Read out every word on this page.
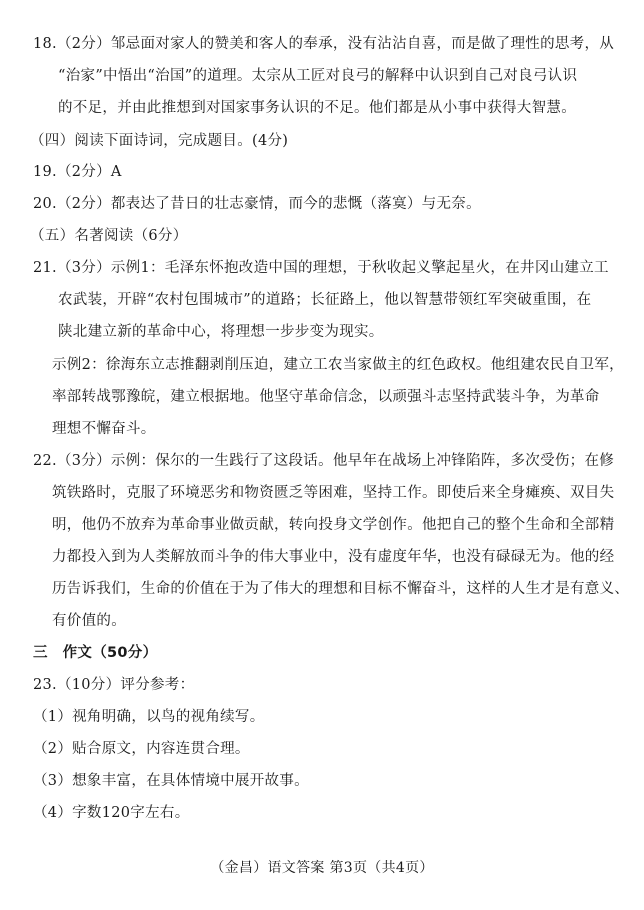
18.（2分）邹忌面对家人的赞美和客人的奉承，没有沾沾自喜，而是做了理性的思考，从
“治家”中悟出“治国”的道理。太宗从工匠对良弓的解释中认识到自己对良弓认识
的不足，并由此推想到对国家事务认识的不足。他们都是从小事中获得大智慧。
（四）阅读下面诗词，完成题目。(4分)
19.（2分）A
20.（2分）都表达了昔日的壮志豪情，而今的悲慨（落寞）与无奈。
（五）名著阅读（6分）
21.（3分）示例1：毛泽东怀抱改造中国的理想，于秋收起义擎起星火，在井冈山建立工
农武装，开辟“农村包围城市”的道路；长征路上，他以智慧带领红军突破重围，在
陕北建立新的革命中心，将理想一步步变为现实。
示例2：徐海东立志推翻剥削压迫，建立工农当家做主的红色政权。他组建农民自卫军，
率部转战鄂豫皖，建立根据地。他坚守革命信念，以顽强斗志坚持武装斗争，为革命
理想不懈奋斗。
22.（3分）示例：保尔的一生践行了这段话。他早年在战场上冲锋陷阵，多次受伤；在修
筑铁路时，克服了环境恶劣和物资匮乏等困难，坚持工作。即使后来全身瘫痪、双目失
明，他仍不放弃为革命事业做贡献，转向投身文学创作。他把自己的整个生命和全部精
力都投入到为人类解放而斗争的伟大事业中，没有虚度年华，也没有碌碌无为。他的经
历告诉我们，生命的价值在于为了伟大的理想和目标不懈奋斗，这样的人生才是有意义、
有价值的。
三　作文（50分）
23.（10分）评分参考：
（1）视角明确，以鸟的视角续写。
（2）贴合原文，内容连贯合理。
（3）想象丰富，在具体情境中展开故事。
（4）字数120字左右。
（金昌）语文答案 第3页（共4页）
